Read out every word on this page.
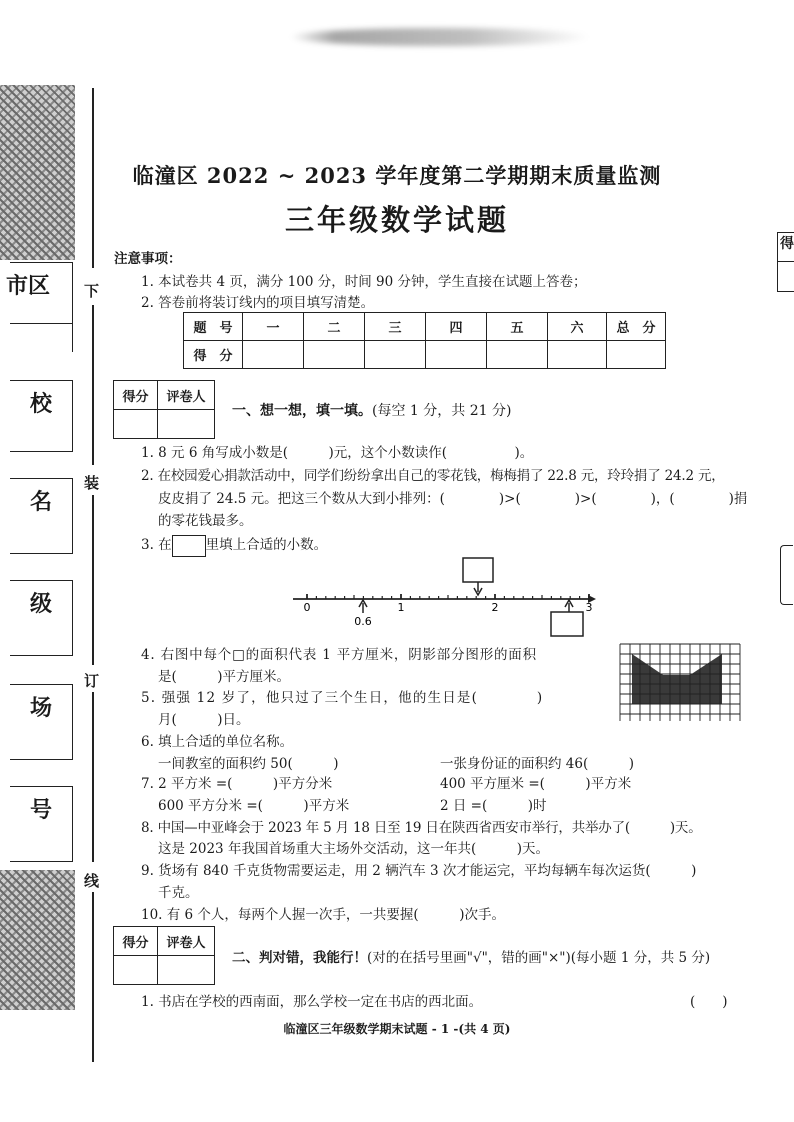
市区
校
名
级
场
号
下
装
订
线
得
临潼区 2022 ~ 2023 学年度第二学期期末质量监测
三年级数学试题
注意事项：
1. 本试卷共 4 页，满分 100 分，时间 90 分钟，学生直接在试题上答卷；
2. 答卷前将装订线内的项目填写清楚。
题　号	一	二	三	四	五	六	总　分
得　分							
得分	评卷人

一、想一想，填一填。(每空 1 分，共 21 分)
1. 8 元 6 角写成小数是(　　　)元，这个小数读作(　　　　　)。
2. 在校园爱心捐款活动中，同学们纷纷拿出自己的零花钱，梅梅捐了 22.8 元，玲玲捐了 24.2 元，
皮皮捐了 24.5 元。把这三个数从大到小排列：(　　　　)>(　　　　)>(　　　　)，(　　　　)捐
的零花钱最多。
3. 在	里填上合适的小数。
0	1	2	3
0.6
4. 右图中每个□的面积代表 1 平方厘米，阴影部分图形的面积
是(　　　)平方厘米。
5. 强强 12 岁了，他只过了三个生日，他的生日是(　　　　)
月(　　　)日。
6. 填上合适的单位名称。
一间教室的面积约 50(　　　)	一张身份证的面积约 46(　　　)
7. 2 平方米 =(　　　)平方分米	400 平方厘米 =(　　　)平方米
600 平方分米 =(　　　)平方米	2 日 =(　　　)时
8. 中国—中亚峰会于 2023 年 5 月 18 日至 19 日在陕西省西安市举行，共举办了(　　　)天。
这是 2023 年我国首场重大主场外交活动，这一年共(　　　)天。
9. 货场有 840 千克货物需要运走，用 2 辆汽车 3 次才能运完，平均每辆车每次运货(　　　)
千克。
10. 有 6 个人，每两个人握一次手，一共要握(　　　)次手。
得分	评卷人

二、判对错，我能行！(对的在括号里画"√"，错的画"×")(每小题 1 分，共 5 分)
1. 书店在学校的西南面，那么学校一定在书店的西北面。	(　　)
临潼区三年级数学期末试题 - 1 -(共 4 页)
